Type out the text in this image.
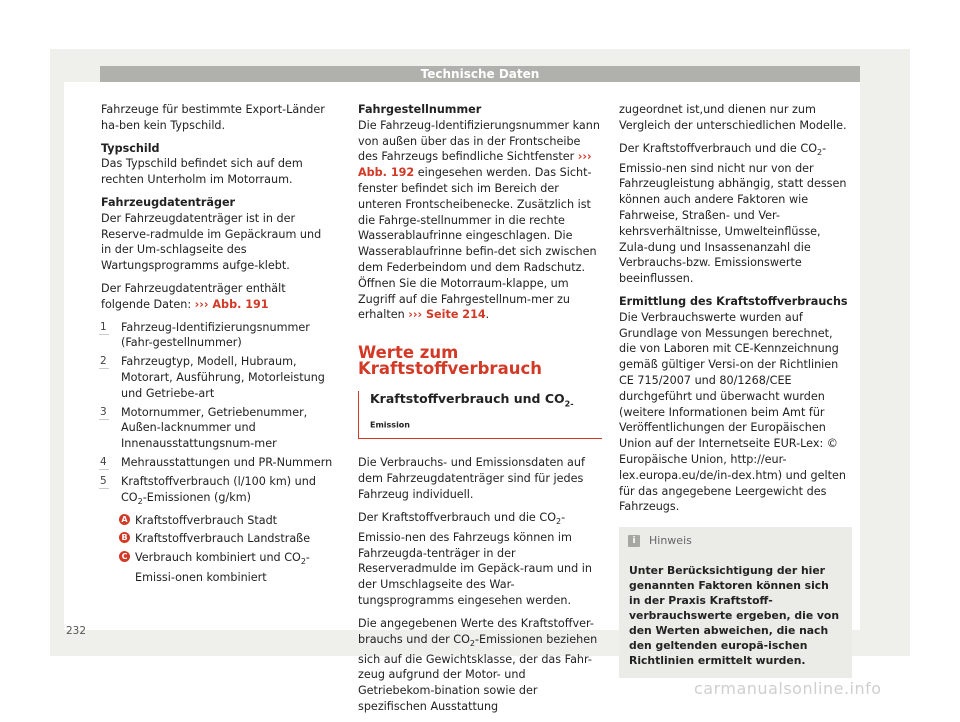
Technische Daten

Fahrzeuge für bestimmte Export-Länder ha-ben kein Typschild.

Typschild

Das Typschild befindet sich auf dem rechten Unterholm im Motorraum.

Fahrzeugdatenträger

Der Fahrzeugdatenträger ist in der Reserve-radmulde im Gepäckraum und in der Um-schlagseite des Wartungsprogramms aufge-klebt.

Der Fahrzeugdatenträger enthält folgende Daten: ››› Abb. 191

1 Fahrzeug-Identifizierungsnummer (Fahr-gestellnummer)
2 Fahrzeugtyp, Modell, Hubraum, Motorart, Ausführung, Motorleistung und Getriebe-art
3 Motornummer, Getriebenummer, Außen-lacknummer und Innenausstattungsnum-mer
4 Mehrausstattungen und PR-Nummern
5 Kraftstoffverbrauch (l/100 km) und $CO_2$-Emissionen (g/km)
A Kraftstoffverbrauch Stadt
B Kraftstoffverbrauch Landstraße
C Verbrauch kombiniert und $CO_2-Emissi$-onen kombiniert
Fahrgestellnummer

Die Fahrzeug-Identifizierungsnummer kann von außen über das in der Frontscheibe des Fahrzeugs befindliche Sichtfenster ››› Abb. 192 eingesehen werden. Das Sicht-fenster befindet sich im Bereich der unteren Frontscheibenecke. Zusätzlich ist die Fahrge-stellnummer in die rechte Wasserablaufrinne eingeschlagen. Die Wasserablaufrinne befin-det sich zwischen dem Federbeindom und dem Radschutz. Öffnen Sie die Motorraum-klappe, um Zugriff auf die Fahrgestellnum-mer zu erhalten ››› Seite 214.

Werte zum Kraftstoffverbrauch
Kraftstoffverbrauch und $CO_{2-Emission}$

Die Verbrauchs- und Emissionsdaten auf dem Fahrzeugdatenträger sind für jedes Fahrzeug individuell.

Der Kraftstoffverbrauch und die $CO_2-Emissio$-nen des Fahrzeugs können im Fahrzeugda-tenträger in der Reserveradmulde im Gepäck-raum und in der Umschlagseite des War-tungsprogramms eingesehen werden.

Die angegebenen Werte des Kraftstoffver-brauchs und der $CO_2$-Emissionen beziehen sich auf die Gewichtsklasse, der das Fahr-zeug aufgrund der Motor- und Getriebekom-bination sowie der spezifischen Ausstattung

zugeordnet ist,und dienen nur zum Vergleich der unterschiedlichen Modelle.

Der Kraftstoffverbrauch und die $CO_2-Emissio$-nen sind nicht nur von der Fahrzeugleistung abhängig, statt dessen können auch andere Faktoren wie Fahrweise, Straßen- und Ver-kehrsverhältnisse, Umwelteinflüsse, Zula-dung und Insassenanzahl die Verbrauchs-bzw. Emissionswerte beeinflussen.

Ermittlung des Kraftstoffverbrauchs

Die Verbrauchswerte wurden auf Grundlage von Messungen berechnet, die von Laboren mit CE-Kennzeichnung gemäß gültiger Versi-on der Richtlinien CE 715/2007 und 80/1268/CEE durchgeführt und überwacht wurden (weitere Informationen beim Amt für Veröffentlichungen der Europäischen Union auf der Internetseite EUR-Lex: © Europäische Union, http://eur-lex.europa.eu/de/in-dex.htm) und gelten für das angegebene Leergewicht des Fahrzeugs.

i	Hinweis
Unter Berücksichtigung der hier genannten Faktoren können sich in der Praxis Kraftstoff-verbrauchswerte ergeben, die von den Werten abweichen, die nach den geltenden europä-ischen Richtlinien ermittelt wurden.
232
carmanualsonline.info
